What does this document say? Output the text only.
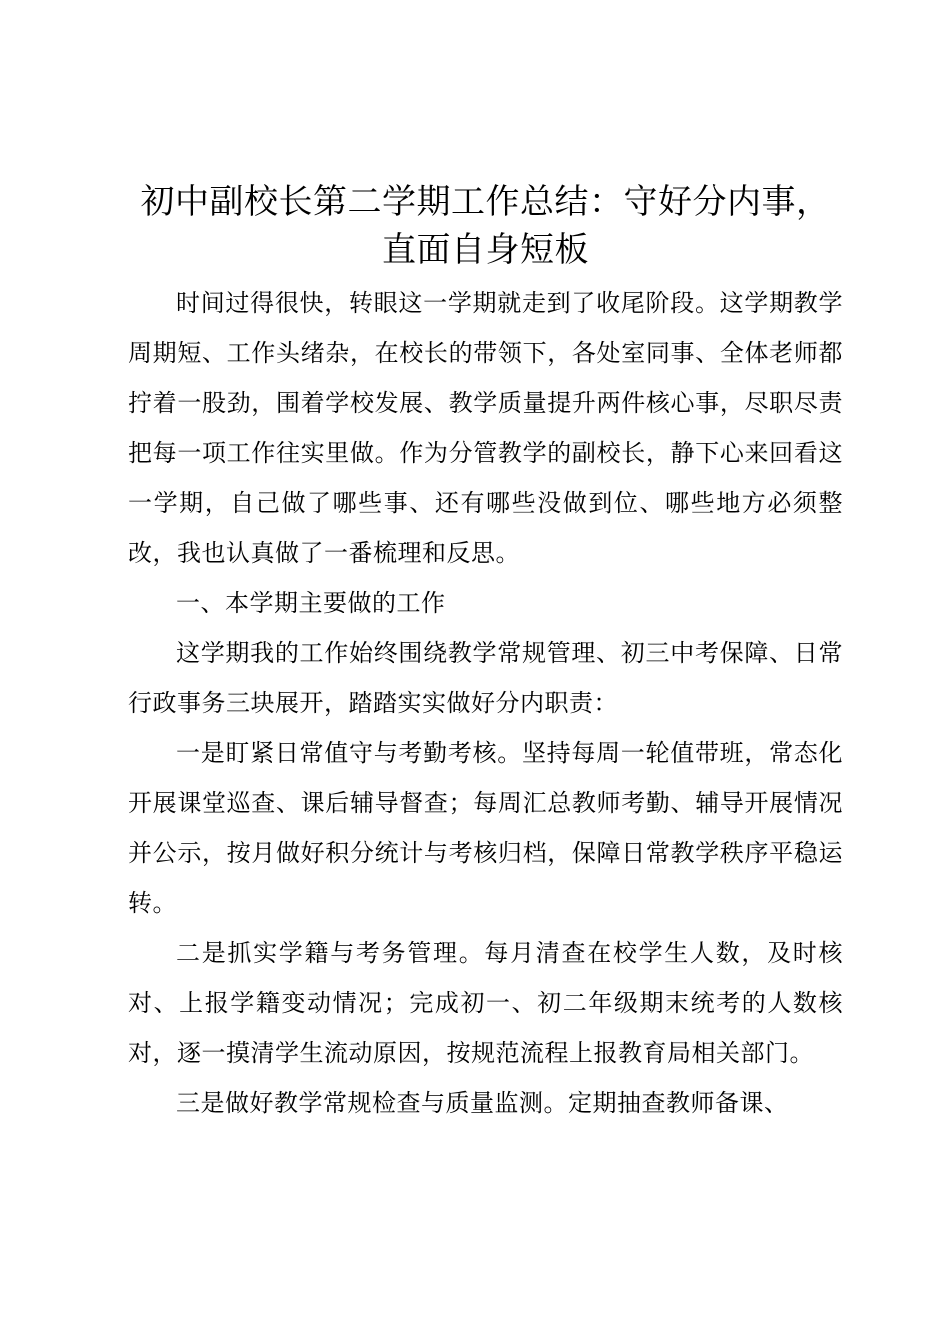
初中副校长第二学期工作总结：守好分内事，
直面自身短板

时间过得很快，转眼这一学期就走到了收尾阶段。这学期教学周期短、工作头绪杂，在校长的带领下，各处室同事、全体老师都拧着一股劲，围着学校发展、教学质量提升两件核心事，尽职尽责把每一项工作往实里做。作为分管教学的副校长，静下心来回看这一学期，自己做了哪些事、还有哪些没做到位、哪些地方必须整改，我也认真做了一番梳理和反思。

一、本学期主要做的工作

这学期我的工作始终围绕教学常规管理、初三中考保障、日常行政事务三块展开，踏踏实实做好分内职责：

一是盯紧日常值守与考勤考核。坚持每周一轮值带班，常态化开展课堂巡查、课后辅导督查；每周汇总教师考勤、辅导开展情况并公示，按月做好积分统计与考核归档，保障日常教学秩序平稳运转。

二是抓实学籍与考务管理。每月清查在校学生人数，及时核对、上报学籍变动情况；完成初一、初二年级期末统考的人数核对，逐一摸清学生流动原因，按规范流程上报教育局相关部门。

三是做好教学常规检查与质量监测。定期抽查教师备课、
